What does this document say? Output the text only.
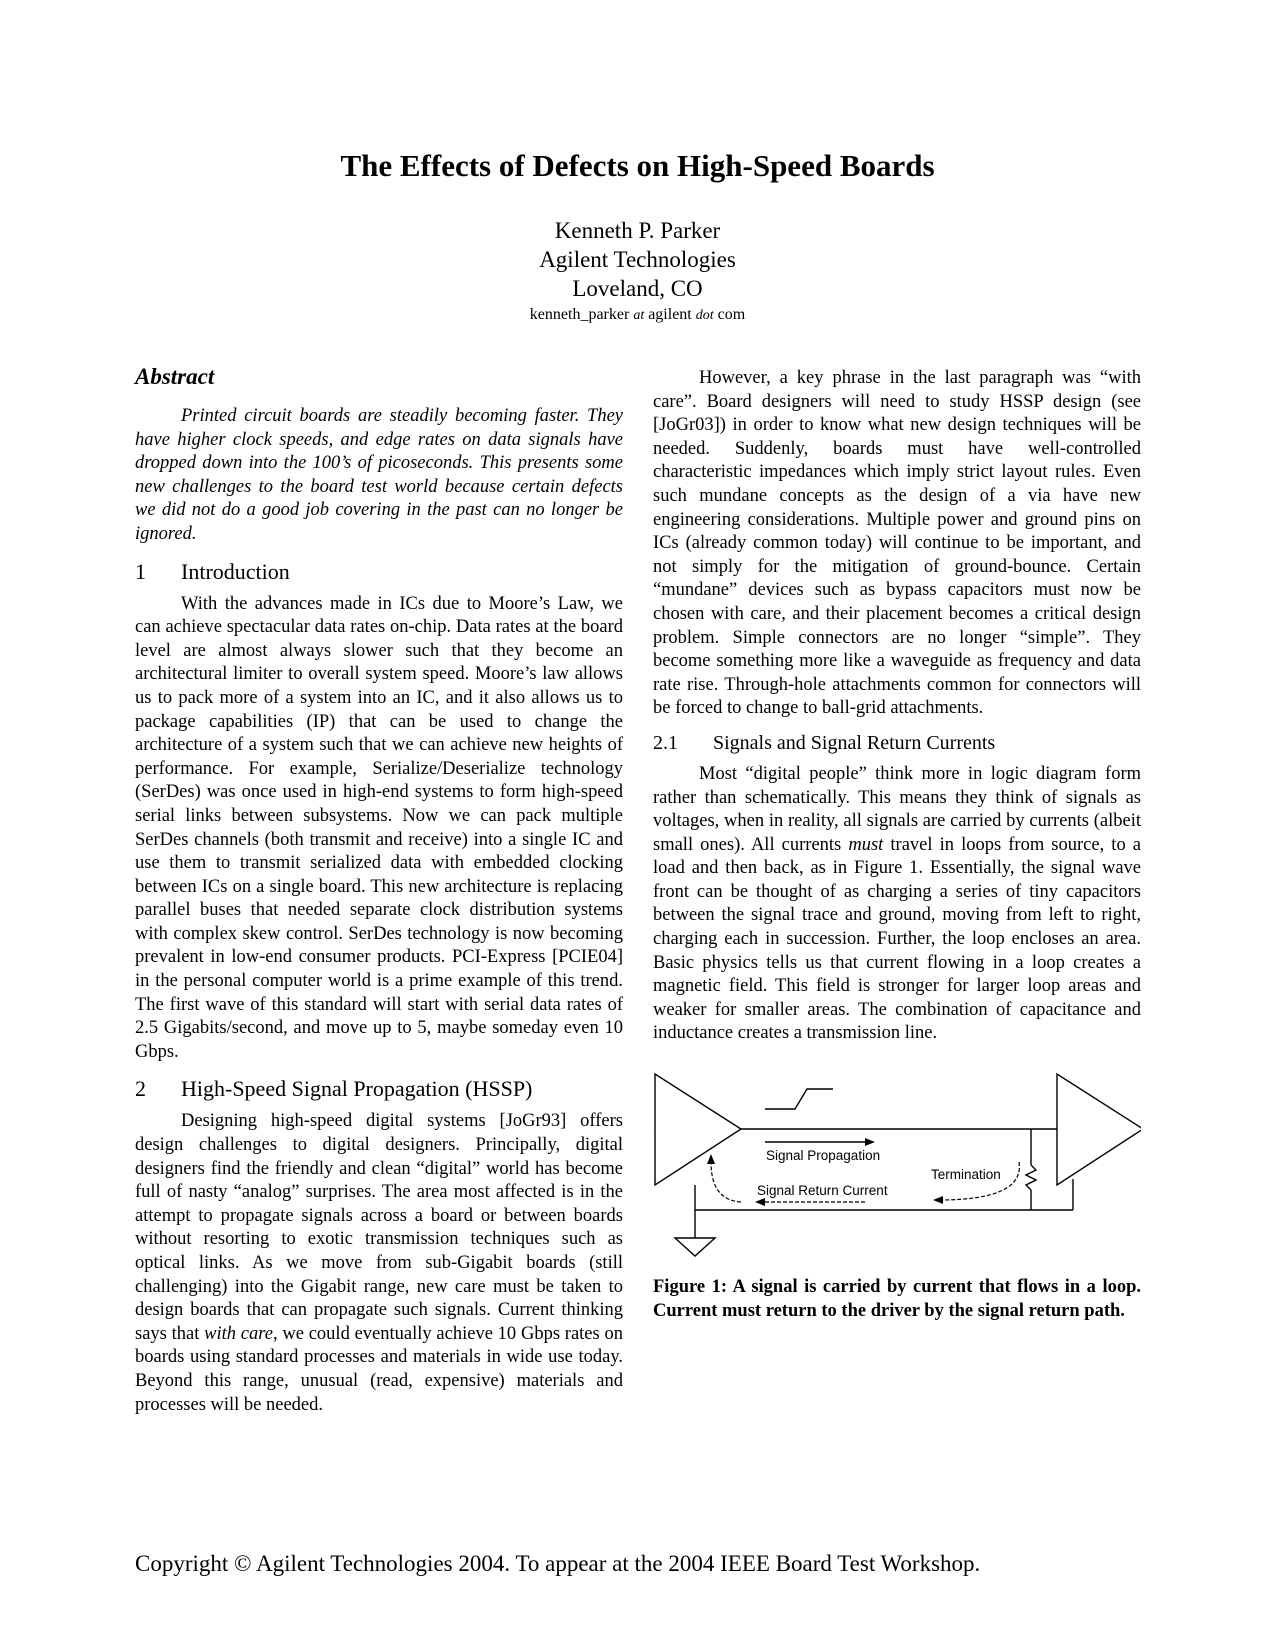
The Effects of Defects on High-Speed Boards
Kenneth P. Parker
Agilent Technologies
Loveland, CO
kenneth_parker at agilent dot com
Abstract

Printed circuit boards are steadily becoming faster. They have higher clock speeds, and edge rates on data signals have dropped down into the 100’s of picoseconds. This presents some new challenges to the board test world because certain defects we did not do a good job covering in the past can no longer be ignored.

1 Introduction

With the advances made in ICs due to Moore’s Law, we can achieve spectacular data rates on-chip. Data rates at the board level are almost always slower such that they become an architectural limiter to overall system speed. Moore’s law allows us to pack more of a system into an IC, and it also allows us to package capabilities (IP) that can be used to change the architecture of a system such that we can achieve new heights of performance. For example, Serialize/Deserialize technology (SerDes) was once used in high-end systems to form high-speed serial links between subsystems. Now we can pack multiple SerDes channels (both transmit and receive) into a single IC and use them to transmit serialized data with embedded clocking between ICs on a single board. This new architecture is replacing parallel buses that needed separate clock distribution systems with complex skew control. SerDes technology is now becoming prevalent in low-end consumer products. PCI-Express [PCIE04] in the personal computer world is a prime example of this trend. The first wave of this standard will start with serial data rates of 2.5 Gigabits/second, and move up to 5, maybe someday even 10 Gbps.

2 High-Speed Signal Propagation (HSSP)

Designing high-speed digital systems [JoGr93] offers design challenges to digital designers. Principally, digital designers find the friendly and clean “digital” world has become full of nasty “analog” surprises. The area most affected is in the attempt to propagate signals across a board or between boards without resorting to exotic transmission techniques such as optical links. As we move from sub-Gigabit boards (still challenging) into the Gigabit range, new care must be taken to design boards that can propagate such signals. Current thinking says that with care, we could eventually achieve 10 Gbps rates on boards using standard processes and materials in wide use today. Beyond this range, unusual (read, expensive) materials and processes will be needed.

However, a key phrase in the last paragraph was “with care”. Board designers will need to study HSSP design (see [JoGr03]) in order to know what new design techniques will be needed. Suddenly, boards must have well-controlled characteristic impedances which imply strict layout rules. Even such mundane concepts as the design of a via have new engineering considerations. Multiple power and ground pins on ICs (already common today) will continue to be important, and not simply for the mitigation of ground-bounce. Certain “mundane” devices such as bypass capacitors must now be chosen with care, and their placement becomes a critical design problem. Simple connectors are no longer “simple”. They become something more like a waveguide as frequency and data rate rise. Through-hole attachments common for connectors will be forced to change to ball-grid attachments.

2.1 Signals and Signal Return Currents

Most “digital people” think more in logic diagram form rather than schematically. This means they think of signals as voltages, when in reality, all signals are carried by currents (albeit small ones). All currents must travel in loops from source, to a load and then back, as in Figure 1. Essentially, the signal wave front can be thought of as charging a series of tiny capacitors between the signal trace and ground, moving from left to right, charging each in succession. Further, the loop encloses an area. Basic physics tells us that current flowing in a loop creates a magnetic field. This field is stronger for larger loop areas and weaker for smaller areas. The combination of capacitance and inductance creates a transmission line.

Signal Propagation
Signal Return Current
Termination
Figure 1: A signal is carried by current that flows in a loop. Current must return to the driver by the signal return path.
Copyright © Agilent Technologies 2004. To appear at the 2004 IEEE Board Test Workshop.
